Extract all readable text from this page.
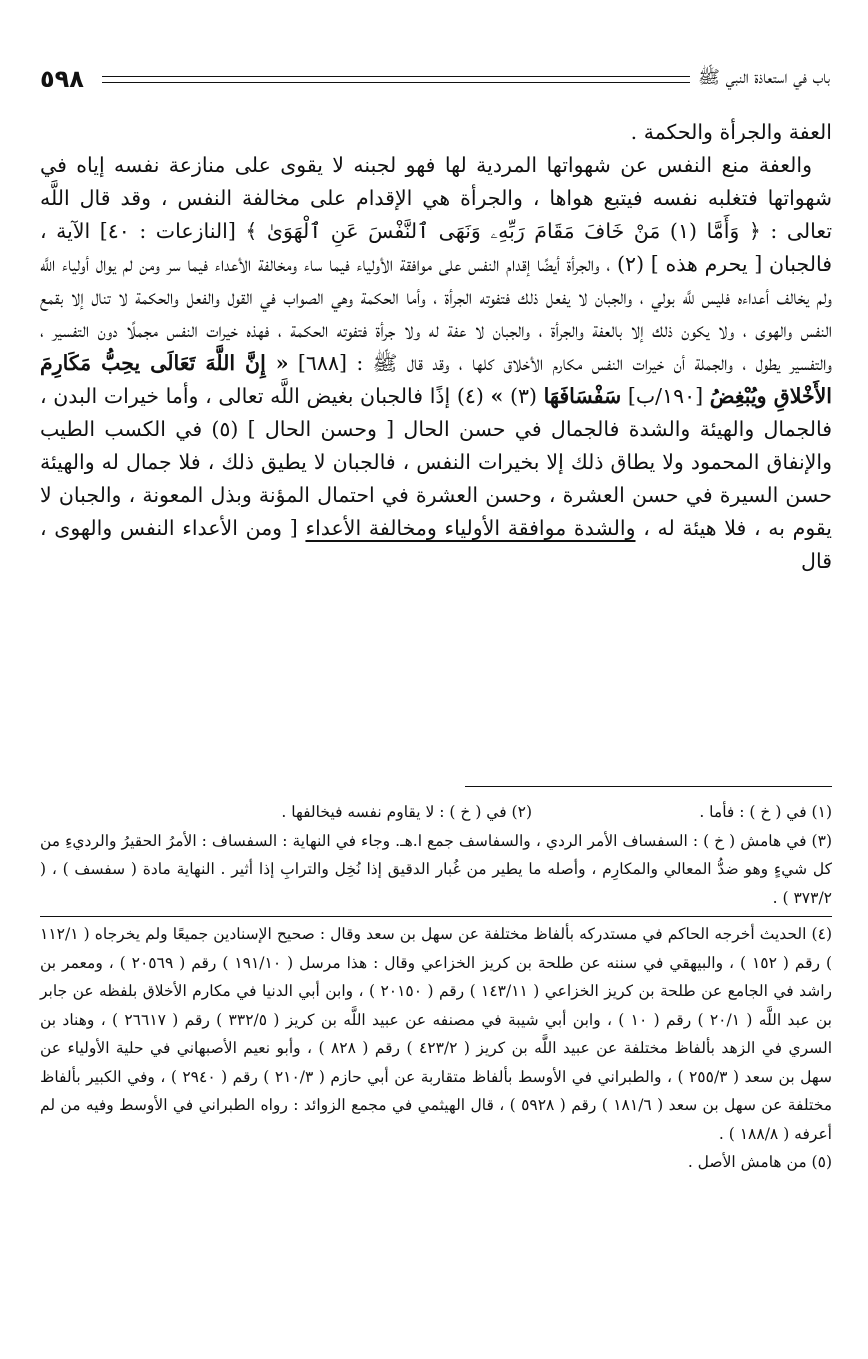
٥٩٨	باب في استعاذة النبي ﷺ

العفة والجرأة والحكمة .

والعفة منع النفس عن شهواتها المردية لها فهو لجبنه لا يقوى على منازعة نفسه إياه في شهواتها فتغلبه نفسه فيتبع هواها ، والجرأة هي الإقدام على مخالفة النفس ، وقد قال اللَّه تعالى : ﴿ وَأَمَّا (١) مَنْ خَافَ مَقَامَ رَبِّهِۦ وَنَهَى ٱلنَّفْسَ عَنِ ٱلْهَوَىٰ ﴾ [النازعات : ٤٠] الآية ، فالجبان [ يحرم هذه ] (٢) ، والجرأة أيضًا إقدام النفس على موافقة الأولياء فيما ساء ومخالفة الأعداء فيما سر ومن لم يوال أولياء اللَّه ولم يخالف أعداءه فليس للَّه بولي ، والجبان لا يفعل ذلك فتفوته الجرأة ، وأما الحكمة وهي الصواب في القول والفعل والحكمة لا تنال إلا بقمع النفس والهوى ، ولا يكون ذلك إلا بالعفة والجرأة ، والجبان لا عفة له ولا جرأة فتفوته الحكمة ، فهذه خيرات النفس مجملًا دون التفسير ، والتفسير يطول ، والجملة أن خيرات النفس مكارم الأخلاق كلها ، وقد قال ﷺ : [٦٨٨] « إِنَّ اللَّهَ تَعَالَى يحِبُّ مَكَارِمَ الأَخْلاقِ ويُبْغِضُ [١٩٠/ب] سَفْسَافَهَا (٣) » (٤) إذًا فالجبان بغيض اللَّه تعالى ، وأما خيرات البدن ، فالجمال والهيئة والشدة فالجمال في حسن الحال [ وحسن الحال ] (٥) في الكسب الطيب والإنفاق المحمود ولا يطاق ذلك إلا بخيرات النفس ، فالجبان لا يطيق ذلك ، فلا جمال له والهيئة حسن السيرة في حسن العشرة ، وحسن العشرة في احتمال المؤنة وبذل المعونة ، والجبان لا يقوم به ، فلا هيئة له ، والشدة موافقة الأولياء ومخالفة الأعداء [ ومن الأعداء النفس والهوى ، قال

(١) في ( خ ) : فأما .
(٢) في ( خ ) : لا يقاوم نفسه فيخالفها .

(٣) في هامش ( خ ) : السفساف الأمر الردي ، والسفاسف جمع ا.هـ. وجاء في النهاية : السفساف : الأمرُ الحقيرُ والرديءِ من كل شيءٍ وهو ضدُّ المعالي والمكارِم ، وأصله ما يطير من غُبار الدقيق إذا نُخِل والترابِ إذا أثير . النهاية مادة ( سفسف ) ، ( ٣٧٣/٢ ) .

(٤) الحديث أخرجه الحاكم في مستدركه بألفاظ مختلفة عن سهل بن سعد وقال : صحيح الإسنادين جميعًا ولم يخرجاه ( ١١٢/١ ) رقم ( ١٥٢ ) ، والبيهقي في سننه عن طلحة بن كريز الخزاعي وقال : هذا مرسل ( ١٩١/١٠ ) رقم ( ٢٠٥٦٩ ) ، ومعمر بن راشد في الجامع عن طلحة بن كريز الخزاعي ( ١٤٣/١١ ) رقم ( ٢٠١٥٠ ) ، وابن أبي الدنيا في مكارم الأخلاق بلفظه عن جابر بن عبد اللَّه ( ٢٠/١ ) رقم ( ١٠ ) ، وابن أبي شيبة في مصنفه عن عبيد اللَّه بن كريز ( ٣٣٢/٥ ) رقم ( ٢٦٦١٧ ) ، وهناد بن السري في الزهد بألفاظ مختلفة عن عبيد اللَّه بن كريز ( ٤٢٣/٢ ) رقم ( ٨٢٨ ) ، وأبو نعيم الأصبهاني في حلية الأولياء عن سهل بن سعد ( ٢٥٥/٣ ) ، والطبراني في الأوسط بألفاظ متقاربة عن أبي حازم ( ٢١٠/٣ ) رقم ( ٢٩٤٠ ) ، وفي الكبير بألفاظ مختلفة عن سهل بن سعد ( ١٨١/٦ ) رقم ( ٥٩٢٨ ) ، قال الهيثمي في مجمع الزوائد : رواه الطبراني في الأوسط وفيه من لم أعرفه ( ١٨٨/٨ ) .

(٥) من هامش الأصل .
